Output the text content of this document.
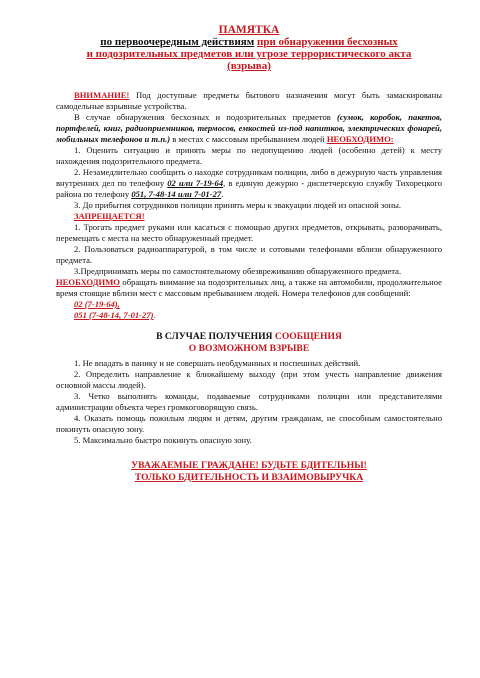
ПАМЯТКА
по первоочередным действиям при обнаружении бесхозных
и подозрительных предметов или угрозе террористического акта
(взрыва)

ВНИМАНИЕ! Под доступные предметы бытового назначения могут быть замаскированы самодельные взрывные устройства.

В случае обнаружения бесхозных и подозрительных предметов (сумок, коробок, пакетов, портфелей, книг, радиоприемников, термосов, емкостей из-под напитков, электрических фонарей, мобильных телефонов и т.п.) в местах с массовым пребыванием людей НЕОБХОДИМО:

1. Оценить ситуацию и принять меры по недопущению людей (особенно детей) к месту нахождения подозрительного предмета.

2. Незамедлительно сообщить о находке сотрудникам полиции, либо в дежурную часть управления внутренних дел по телефону 02 или 7-19-64, в единую дежурно - диспетчерскую службу Тихорецкого района по телефону 051, 7-48-14 или 7-01-27.

3. До прибытия сотрудников полиции принять меры к эвакуации людей из опасной зоны.

ЗАПРЕЩАЕТСЯ!

1. Трогать предмет руками или касаться с помощью других предметов, открывать, разворачивать, перемещать с места на место обнаруженный предмет.

2. Пользоваться радиоаппаратурой, в том числе и сотовыми телефонами вблизи обнаруженного предмета.

3.Предпринимать меры по самостоятельному обезвреживанию обнаруженного предмета.

НЕОБХОДИМО обращать внимание на подозрительных лиц, а также на автомобили, продолжительное время стоящие вблизи мест с массовым пребыванием людей. Номера телефонов для сообщений:

02 (7-19-64),

051 (7-48-14, 7-01-27).

В СЛУЧАЕ ПОЛУЧЕНИЯ СООБЩЕНИЯ
О ВОЗМОЖНОМ ВЗРЫВЕ

1. Не впадать в панику и не совершать необдуманных и поспешных действий.

2. Определить направление к ближайшему выходу (при этом учесть направление движения основной массы людей).

3. Четко выполнять команды, подаваемые сотрудниками полиции или представителями администрации объекта через громкоговорящую связь.

4. Оказать помощь пожилым людям и детям, другим гражданам, не способным самостоятельно покинуть опасную зону.

5. Максимально быстро покинуть опасную зону.

УВАЖАЕМЫЕ ГРАЖДАНЕ! БУДЬТЕ БДИТЕЛЬНЫ!
ТОЛЬКО БДИТЕЛЬНОСТЬ И ВЗАИМОВЫРУЧКА
